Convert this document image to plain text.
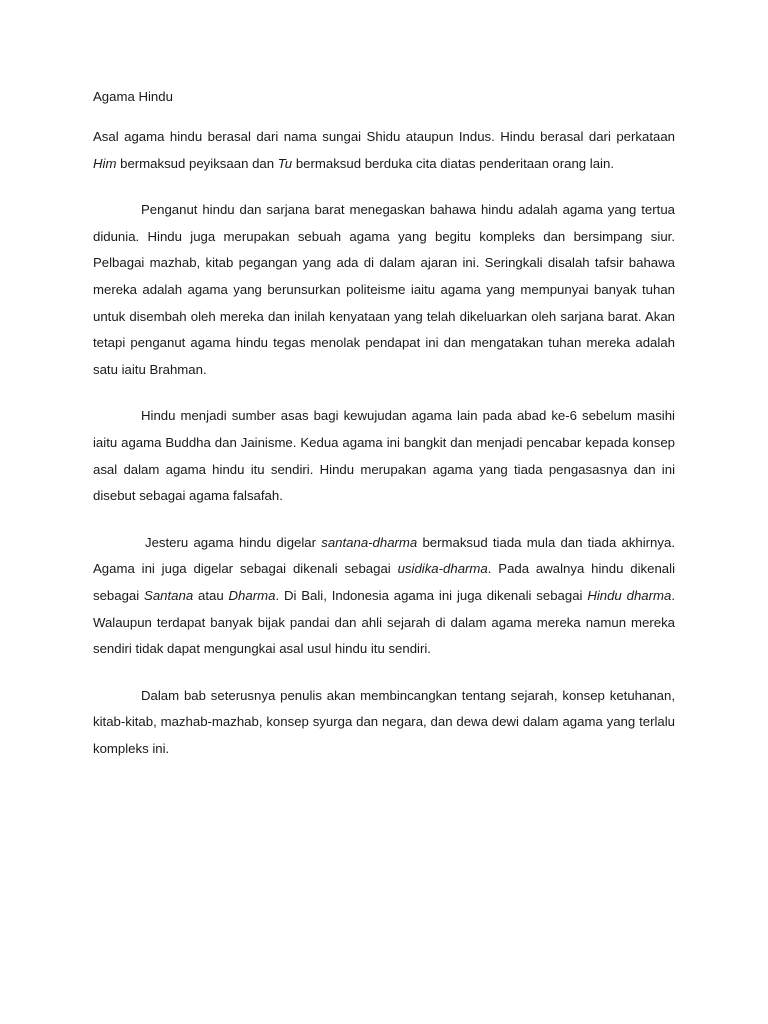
Agama Hindu

Asal agama hindu berasal dari nama sungai Shidu ataupun Indus. Hindu berasal dari perkataan Him bermaksud peyiksaan dan Tu bermaksud berduka cita diatas penderitaan orang lain.

Penganut hindu dan sarjana barat menegaskan bahawa hindu adalah agama yang tertua didunia. Hindu juga merupakan sebuah agama yang begitu kompleks dan bersimpang siur. Pelbagai mazhab, kitab pegangan yang ada di dalam ajaran ini. Seringkali disalah tafsir bahawa mereka adalah agama yang berunsurkan politeisme iaitu agama yang mempunyai banyak tuhan untuk disembah oleh mereka dan inilah kenyataan yang telah dikeluarkan oleh sarjana barat. Akan tetapi penganut agama hindu tegas menolak pendapat ini dan mengatakan tuhan mereka adalah satu iaitu Brahman.

Hindu menjadi sumber asas bagi kewujudan agama lain pada abad ke-6 sebelum masihi iaitu agama Buddha dan Jainisme. Kedua agama ini bangkit dan menjadi pencabar kepada konsep asal dalam agama hindu itu sendiri. Hindu merupakan agama yang tiada pengasasnya dan ini disebut sebagai agama falsafah.

Jesteru agama hindu digelar santana-dharma bermaksud tiada mula dan tiada akhirnya. Agama ini juga digelar sebagai dikenali sebagai usidika-dharma. Pada awalnya hindu dikenali sebagai Santana atau Dharma. Di Bali, Indonesia agama ini juga dikenali sebagai Hindu dharma. Walaupun terdapat banyak bijak pandai dan ahli sejarah di dalam agama mereka namun mereka sendiri tidak dapat mengungkai asal usul hindu itu sendiri.

Dalam bab seterusnya penulis akan membincangkan tentang sejarah, konsep ketuhanan, kitab-kitab, mazhab-mazhab, konsep syurga dan negara, dan dewa dewi dalam agama yang terlalu kompleks ini.
